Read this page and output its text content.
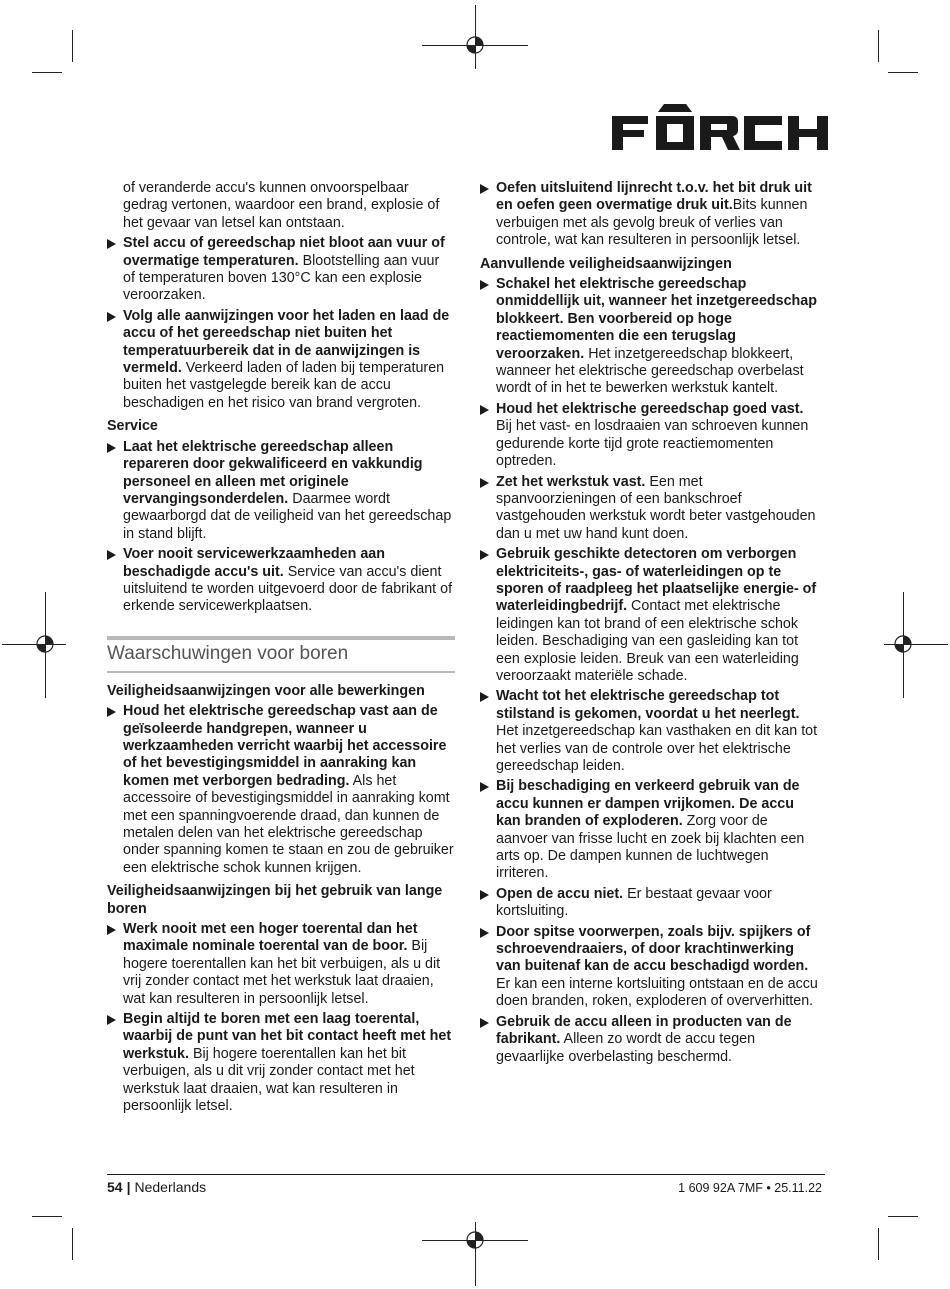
of veranderde accu's kunnen onvoorspelbaar gedrag vertonen, waardoor een brand, explosie of het gevaar van letsel kan ontstaan.

Stel accu of gereedschap niet bloot aan vuur of overmatige temperaturen. Blootstelling aan vuur of temperaturen boven 130°C kan een explosie veroorzaken.
Volg alle aanwijzingen voor het laden en laad de accu of het gereedschap niet buiten het temperatuurbereik dat in de aanwijzingen is vermeld. Verkeerd laden of laden bij temperaturen buiten het vastgelegde bereik kan de accu beschadigen en het risico van brand vergroten.
Service
Laat het elektrische gereedschap alleen repareren door gekwalificeerd en vakkundig personeel en alleen met originele vervangingsonderdelen. Daarmee wordt gewaarborgd dat de veiligheid van het gereedschap in stand blijft.
Voer nooit servicewerkzaamheden aan beschadigde accu's uit. Service van accu's dient uitsluitend te worden uitgevoerd door de fabrikant of erkende servicewerkplaatsen.
Waarschuwingen voor boren
Veiligheidsaanwijzingen voor alle bewerkingen
Houd het elektrische gereedschap vast aan de geïsoleerde handgrepen, wanneer u werkzaamheden verricht waarbij het accessoire of het bevestigingsmiddel in aanraking kan komen met verborgen bedrading. Als het accessoire of bevestigingsmiddel in aanraking komt met een spanningvoerende draad, dan kunnen de metalen delen van het elektrische gereedschap onder spanning komen te staan en zou de gebruiker een elektrische schok kunnen krijgen.
Veiligheidsaanwijzingen bij het gebruik van lange boren
Werk nooit met een hoger toerental dan het maximale nominale toerental van de boor. Bij hogere toerentallen kan het bit verbuigen, als u dit vrij zonder contact met het werkstuk laat draaien, wat kan resulteren in persoonlijk letsel.
Begin altijd te boren met een laag toerental, waarbij de punt van het bit contact heeft met het werkstuk. Bij hogere toerentallen kan het bit verbuigen, als u dit vrij zonder contact met het werkstuk laat draaien, wat kan resulteren in persoonlijk letsel.
Oefen uitsluitend lijnrecht t.o.v. het bit druk uit en oefen geen overmatige druk uit.Bits kunnen verbuigen met als gevolg breuk of verlies van controle, wat kan resulteren in persoonlijk letsel.
Aanvullende veiligheidsaanwijzingen
Schakel het elektrische gereedschap onmiddellijk uit, wanneer het inzetgereedschap blokkeert. Ben voorbereid op hoge reactiemomenten die een terugslag veroorzaken. Het inzetgereedschap blokkeert, wanneer het elektrische gereedschap overbelast wordt of in het te bewerken werkstuk kantelt.
Houd het elektrische gereedschap goed vast. Bij het vast- en losdraaien van schroeven kunnen gedurende korte tijd grote reactiemomenten optreden.
Zet het werkstuk vast. Een met spanvoorzieningen of een bankschroef vastgehouden werkstuk wordt beter vastgehouden dan u met uw hand kunt doen.
Gebruik geschikte detectoren om verborgen elektriciteits-, gas- of waterleidingen op te sporen of raadpleeg het plaatselijke energie- of waterleidingbedrijf. Contact met elektrische leidingen kan tot brand of een elektrische schok leiden. Beschadiging van een gasleiding kan tot een explosie leiden. Breuk van een waterleiding veroorzaakt materiële schade.
Wacht tot het elektrische gereedschap tot stilstand is gekomen, voordat u het neerlegt. Het inzetgereedschap kan vasthaken en dit kan tot het verlies van de controle over het elektrische gereedschap leiden.
Bij beschadiging en verkeerd gebruik van de accu kunnen er dampen vrijkomen. De accu kan branden of exploderen. Zorg voor de aanvoer van frisse lucht en zoek bij klachten een arts op. De dampen kunnen de luchtwegen irriteren.
Open de accu niet. Er bestaat gevaar voor kortsluiting.
Door spitse voorwerpen, zoals bijv. spijkers of schroevendraaiers, of door krachtinwerking van buitenaf kan de accu beschadigd worden. Er kan een interne kortsluiting ontstaan en de accu doen branden, roken, exploderen of oververhitten.
Gebruik de accu alleen in producten van de fabrikant. Alleen zo wordt de accu tegen gevaarlijke overbelasting beschermd.
54 | Nederlands	1 609 92A 7MF • 25.11.22
